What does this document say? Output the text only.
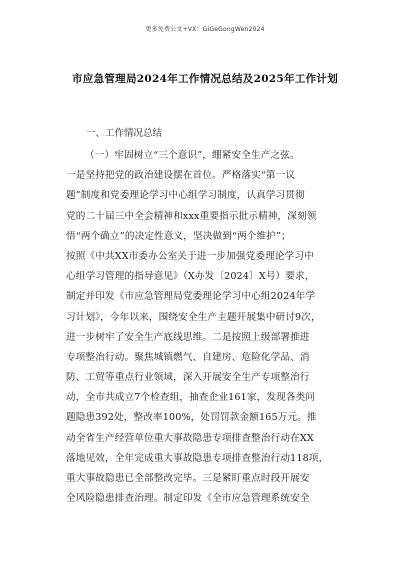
更多免费公文+VX：GiGeGongWen2024
市应急管理局2024年工作情况总结及2025年工作计划
一、工作情况总结
（一）牢固树立“三个意识”，绷紧安全生产之弦。
一是坚持把党的政治建设摆在首位。严格落实“第一议
题”制度和党委理论学习中心组学习制度，认真学习贯彻
党的二十届三中全会精神和xxx重要指示批示精神，深刻领
悟“两个确立”的决定性意义，坚决做到“两个维护”；
按照《中共XX市委办公室关于进一步加强党委理论学习中
心组学习管理的指导意见》（X办发〔2024〕X号）要求，
制定并印发《市应急管理局党委理论学习中心组2024年学
习计划》，今年以来，围绕安全生产主题开展集中研讨9次，
进一步树牢了安全生产底线思维。二是按照上级部署推进
专项整治行动。聚焦城镇燃气、自建房、危险化学品、消
防、工贸等重点行业领域，深入开展安全生产专项整治行
动，全市共成立7个检查组，抽查企业161家，发现各类问
题隐患392处，整改率100%，处罚罚款金额165万元。推
动全省生产经营单位重大事故隐患专项排查整治行动在XX
落地见效，全年完成重大事故隐患专项排查整治行动118项，
重大事故隐患已全部整改完毕。三是紧盯重点时段开展安
全风险隐患排查治理。制定印发《全市应急管理系统安全
